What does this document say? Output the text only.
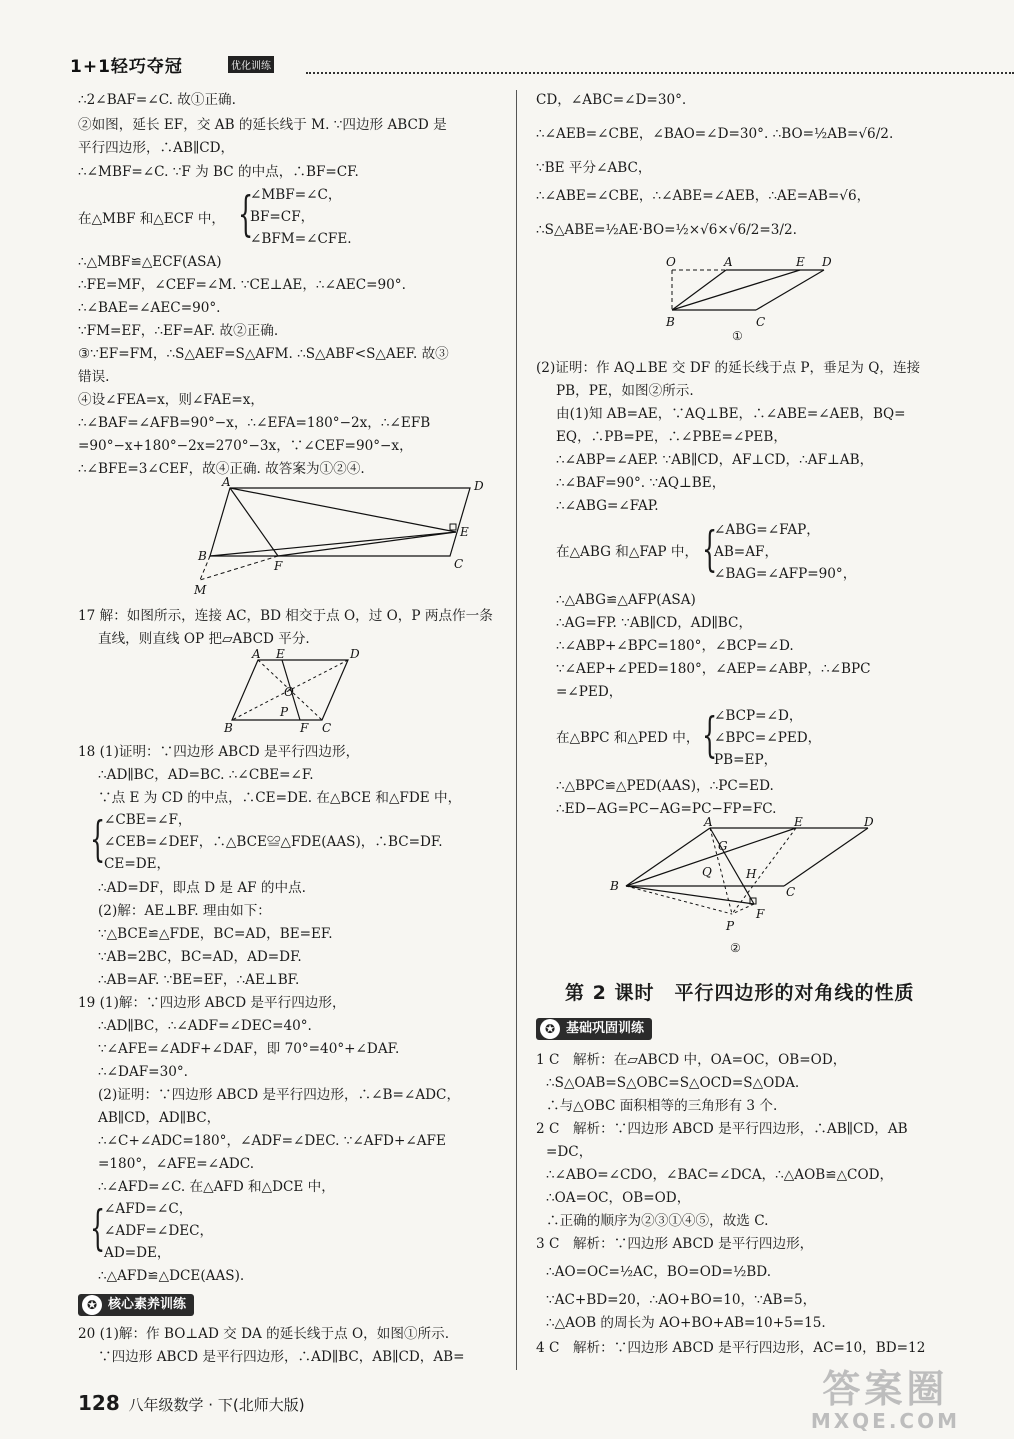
1+1轻巧夺冠	优化训练
∴2∠BAF=∠C. 故①正确.
②如图，延长 EF，交 AB 的延长线于 M. ∵四边形 ABCD 是
平行四边形，∴AB∥CD，
∴∠MBF=∠C. ∵F 为 BC 的中点，∴BF=CF.
在△MBF 和△ECF 中， {
∠MBF=∠C，
BF=CF，
∠BFM=∠CFE.
∴△MBF≌△ECF(ASA)
∴FE=MF，∠CEF=∠M. ∵CE⊥AE，∴∠AEC=90°.
∴∠BAE=∠AEC=90°.
∵FM=EF，∴EF=AF. 故②正确.
③∵EF=FM，∴S△AEF=S△AFM. ∴S△ABF<S△AEF. 故③
错误.
④设∠FEA=x，则∠FAE=x，
∴∠BAF=∠AFB=90°−x，∴∠EFA=180°−2x，∴∠EFB
=90°−x+180°−2x=270°−3x，∵∠CEF=90°−x，
∴∠BFE=3∠CEF，故④正确. 故答案为①②④.
A	D
B
C
E
F
M
17 解：如图所示，连接 AC，BD 相交于点 O，过 O，P 两点作一条
直线，则直线 OP 把▱ABCD 平分.
A E	D
B	C
O
P
F
18 (1)证明：∵四边形 ABCD 是平行四边形，
∴AD∥BC，AD=BC. ∴∠CBE=∠F.
∵点 E 为 CD 的中点，∴CE=DE. 在△BCE 和△FDE 中，
{
∠CBE=∠F，
∠CEB=∠DEF，∴△BCE≌△FDE(AAS)，∴BC=DF.
CE=DE，
∴AD=DF，即点 D 是 AF 的中点.
(2)解：AE⊥BF. 理由如下：
∵△BCE≌△FDE，BC=AD，BE=EF.
∵AB=2BC，BC=AD，AD=DF.
∴AB=AF. ∵BE=EF，∴AE⊥BF.
19 (1)解：∵四边形 ABCD 是平行四边形，
∴AD∥BC，∴∠ADF=∠DEC=40°.
∵∠AFE=∠ADF+∠DAF，即 70°=40°+∠DAF.
∴∠DAF=30°.
(2)证明：∵四边形 ABCD 是平行四边形，∴∠B=∠ADC，
AB∥CD，AD∥BC，
∴∠C+∠ADC=180°，∠ADF=∠DEC. ∵∠AFD+∠AFE
=180°，∠AFE=∠ADC.
∴∠AFD=∠C. 在△AFD 和△DCE 中，
{
∠AFD=∠C，
∠ADF=∠DEC，
AD=DE，
∴△AFD≌△DCE(AAS).
✪ 核心素养训练
20 (1)解：作 BO⊥AD 交 DA 的延长线于点 O，如图①所示.
∵四边形 ABCD 是平行四边形，∴AD∥BC，AB∥CD，AB=
CD，∠ABC=∠D=30°.
∴∠AEB=∠CBE，∠BAO=∠D=30°. ∴BO=½AB=√6/2.
∵BE 平分∠ABC，
∴∠ABE=∠CBE，∴∠ABE=∠AEB，∴AE=AB=√6，
∴S△ABE=½AE·BO=½×√6×√6/2=3/2.
O	A	E D
B	C
①
(2)证明：作 AQ⊥BE 交 DF 的延长线于点 P，垂足为 Q，连接
PB，PE，如图②所示.
由(1)知 AB=AE，∵AQ⊥BE，∴∠ABE=∠AEB，BQ=
EQ，∴PB=PE，∴∠PBE=∠PEB，
∴∠ABP=∠AEP. ∵AB∥CD，AF⊥CD，∴AF⊥AB，
∴∠BAF=90°. ∵AQ⊥BE，
∴∠ABG=∠FAP.
在△ABG 和△FAP 中， {
∠ABG=∠FAP，
AB=AF，
∠BAG=∠AFP=90°，
∴△ABG≌△AFP(ASA)
∴AG=FP. ∵AB∥CD，AD∥BC，
∴∠ABP+∠BPC=180°，∠BCP=∠D.
∵∠AEP+∠PED=180°，∠AEP=∠ABP，∴∠BPC
=∠PED，
在△BPC 和△PED 中， {
∠BCP=∠D，
∠BPC=∠PED，
PB=EP，
∴△BPC≌△PED(AAS)，∴PC=ED.
∴ED−AG=PC−AG=PC−FP=FC.
A	E	D
B	C
G
Q	H
F
P
②
第 2 课时　平行四边形的对角线的性质
✪ 基础巩固训练
1 C　解析：在▱ABCD 中，OA=OC，OB=OD，
∴S△OAB=S△OBC=S△OCD=S△ODA.
∴与△OBC 面积相等的三角形有 3 个.
2 C　解析：∵四边形 ABCD 是平行四边形，∴AB∥CD，AB
=DC，
∴∠ABO=∠CDO，∠BAC=∠DCA，∴△AOB≌△COD，
∴OA=OC，OB=OD，
∴正确的顺序为②③①④⑤，故选 C.
3 C　解析：∵四边形 ABCD 是平行四边形，
∴AO=OC=½AC，BO=OD=½BD.
∵AC+BD=20，∴AO+BO=10，∵AB=5，
∴△AOB 的周长为 AO+BO+AB=10+5=15.
4 C　解析：∵四边形 ABCD 是平行四边形，AC=10，BD=12
128 八年级数学 · 下(北师大版)	答案圈
MXQE.COM
